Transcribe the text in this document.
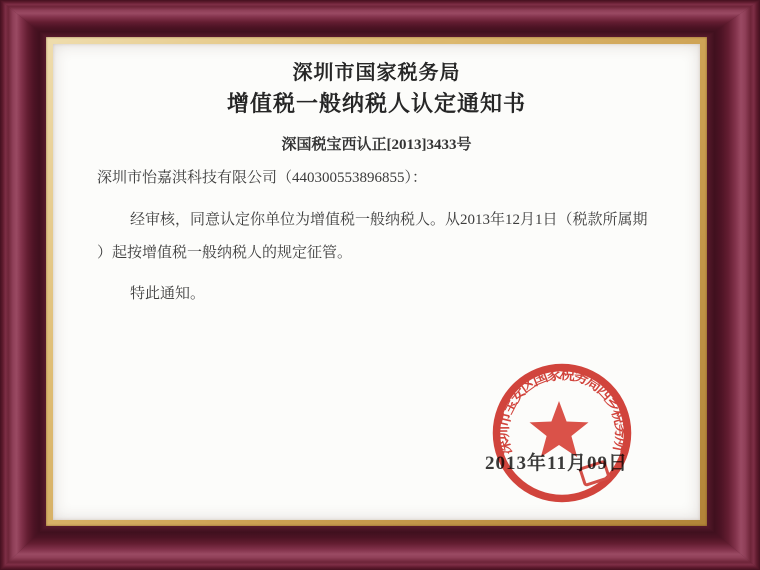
深圳市国家税务局
增值税一般纳税人认定通知书
深国税宝西认正[2013]3433号
深圳市怡嘉淇科技有限公司（440300553896855）：
经审核，同意认定你单位为增值税一般纳税人。从2013年12月1日（税款所属期
）起按增值税一般纳税人的规定征管。
特此通知。
深圳市宝安区国家税务局西乡税务所
2013年11月09日
